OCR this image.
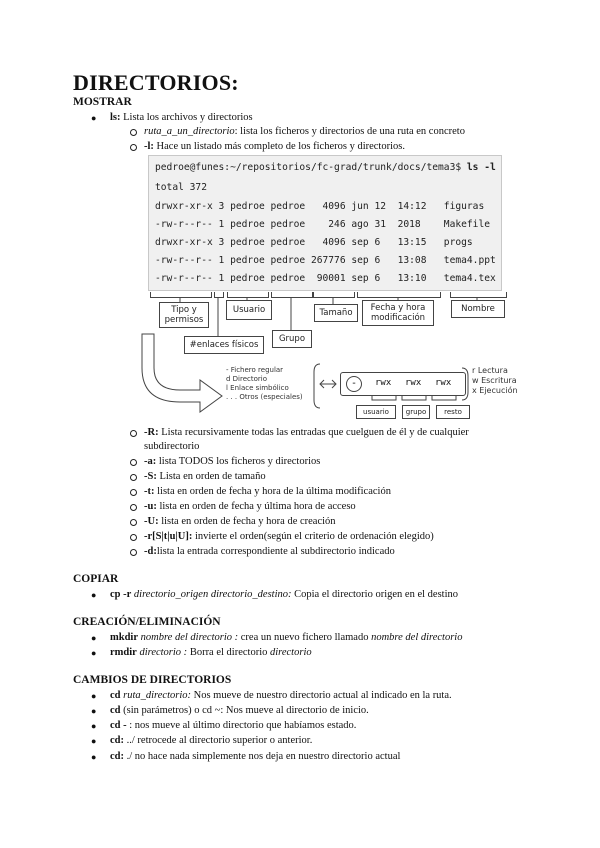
DIRECTORIOS:
MOSTRAR
● ls: Lista los archivos y directorios
ruta_a_un_directorio: lista los ficheros y directorios de una ruta en concreto
-l: Hace un listado más completo de los ficheros y directorios.
pedroe@funes:~/repositorios/fc-grad/trunk/docs/tema3$ ls -l
total 372
drwxr-xr-x 3 pedroe pedroe   4096 jun 12  14:12   figuras
-rw-r--r-- 1 pedroe pedroe    246 ago 31  2018    Makefile
drwxr-xr-x 3 pedroe pedroe   4096 sep 6   13:15   progs
-rw-r--r-- 1 pedroe pedroe 267776 sep 6   13:08   tema4.ppt
-rw-r--r-- 1 pedroe pedroe  90001 sep 6   13:10   tema4.tex
Tipo y permisos
Usuario
#enlaces físicos
Grupo
Tamaño	Fecha y hora modificación
Nombre
- Fichero regular
d Directorio
l Enlace simbólico
. . . Otros (especiales)
-	rwx rwx rwx
usuario	grupo	resto
r Lectura
w Escritura
x Ejecución
-R: Lista recursivamente todas las entradas que cuelguen de él y de cualquier
subdirectorio
-a: lista TODOS los ficheros y directorios
-S: Lista en orden de tamaño
-t: lista en orden de fecha y hora de la última modificación
-u: lista en orden de fecha y última hora de acceso
-U: lista en orden de fecha y hora de creación
-r[S|t|u|U]: invierte el orden(según el criterio de ordenación elegido)
-d:lista la entrada correspondiente al subdirectorio indicado
COPIAR
● cp -r directorio_origen directorio_destino: Copia el directorio origen en el destino
CREACIÓN/ELIMINACIÓN
● mkdir nombre del directorio : crea un nuevo fichero llamado nombre del directorio
● rmdir directorio : Borra el directorio directorio
CAMBIOS DE DIRECTORIOS
● cd ruta_directorio: Nos mueve de nuestro directorio actual al indicado en la ruta.
● cd (sin parámetros) o cd ~: Nos mueve al directorio de inicio.
● cd - : nos mueve al último directorio que habíamos estado.
● cd: ../ retrocede al directorio superior o anterior.
● cd: ./ no hace nada simplemente nos deja en nuestro directorio actual
